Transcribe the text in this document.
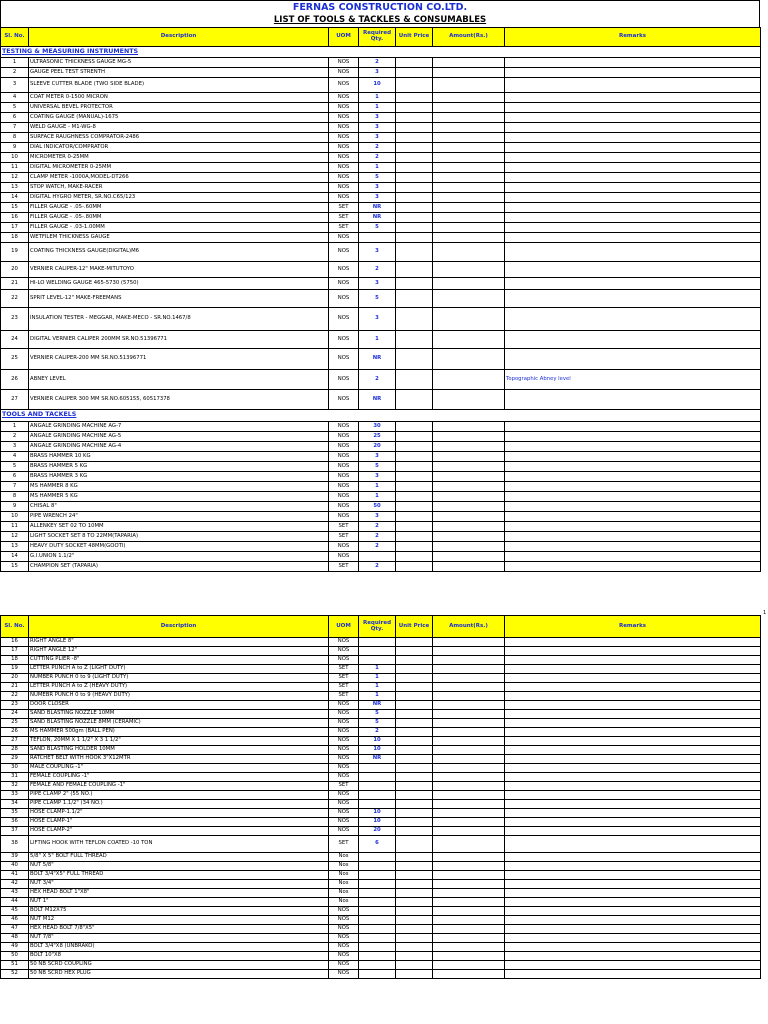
FERNAS CONSTRUCTION CO.LTD.
LIST OF TOOLS & TACKLES & CONSUMABLES
Sl. No.	Description	UOM	Required Qty.	Unit Price	Amount(Rs.)	Remarks
TESTING & MEASURING INSTRUMENTS						
1	ULTRASONIC THICKNESS GAUGE MG-5	NOS	2			
2	GAUGE PEEL TEST STRENTH	NOS	3			
3	SLEEVE CUTTER BLADE (TWO SIDE BLADE)	NOS	10			
4	COAT METER 0-1500 MICRON	NOS	1			
5	UNIVERSAL BEVEL PROTECTOR	NOS	1			
6	COATING GAUGE (MANUAL)-1675	NOS	3			
7	WELD GAUGE - M1-WG-8	NOS	3			
8	SURFACE RAUGHNESS COMPRATOR-2486	NOS	3			
9	DIAL INDICATOR/COMPRATOR	NOS	2			
10	MICROMETER 0-25MM	NOS	2			
11	DIGITAL MICROMETER 0-25MM	NOS	1			
12	CLAMP METER -1000A,MODEL-DT266	NOS	5			
13	STOP WATCH, MAKE-RACER	NOS	3			
14	DIGITAL HYGRO METER, SR.NO.C65/123	NOS	3			
15	FILLER GAUGE - .05-.60MM	SET	NR			
16	FILLER GAUGE - .05-.80MM	SET	NR			
17	FILLER GAUGE - .03-1.00MM	SET	5			
18	WETFILEM THICKNESS GAUGE	NOS				
19	COATING THICKNESS GAUGE(DIGITAL)M6	NOS	3			
20	VERNIER CALIPER-12" MAKE-MITUTOYO	NOS	2			
21	HI-LO WELDING GAUGE 465-5730 (5750)	NOS	3			
22	SPRIT LEVEL-12" MAKE-FREEMANS	NOS	5			
23	INSULATION TESTER - MEGGAR, MAKE-MECO - SR.NO.1467/8	NOS	3			
24	DIGITAL VERNIER CALIPER 200MM SR.NO.51396771	NOS	1			
25	VERNIER CALIPER-200 MM SR.NO.51396771	NOS	NR			
26	ABNEY LEVEL	NOS	2			Topographic Abney level
27	VERNIER CALIPER 300 MM SR.NO.605155, 60517378	NOS	NR			
TOOLS AND TACKELS						
1	ANGALE GRINDING MACHINE AG-7	NOS	30			
2	ANGALE GRINDING MACHINE AG-5	NOS	25			
3	ANGALE GRINDING MACHINE AG-4	NOS	20			
4	BRASS HAMMER 10 KG	NOS	3			
5	BRASS HAMMER 5 KG	NOS	5			
6	BRASS HAMMER 3 KG	NOS	3			
7	MS HAMMER 8 KG	NOS	1			
8	MS HAMMER 5 KG	NOS	1			
9	CHISAL 8"	NOS	50			
10	PIPE WRENCH 24"	NOS	3			
11	ALLENKEY SET 02 TO 10MM	SET	2			
12	LIGHT SOCKET SET 8 TO 22MM(TAPARIA)	SET	2			
13	HEAVY DUTY SOCKET 48MM(GOOTI)	NOS	2			
14	G.I.UNION 1.1/2"	NOS				
15	CHAMPION SET (TAPARIA)	SET	2			
1
Sl. No.	Description	UOM	Required Qty.	Unit Price	Amount(Rs.)	Remarks
16	RIGHT ANGLE 8"	NOS				
17	RIGHT ANGLE 12"	NOS				
18	CUTTING PLIER -8"	NOS				
19	LETTER PUNCH A to Z (LIGHT DUTY)	SET	1			
20	NUMBER PUNCH 0 to 9 (LIGHT DUTY)	SET	1			
21	LETTER PUNCH A to Z (HEAVY DUTY)	SET	1			
22	NUMEBR PUNCH 0 to 9 (HEAVY DUTY)	SET	1			
23	DOOR CLOSER	NOS	NR			
24	SAND BLASTING NOZZLE 10MM	NOS	5			
25	SAND BLASTING NOZZLE 8MM (CERAMIC)	NOS	5			
26	MS HAMMER 500gm (BALL PEN)	NOS	2			
27	TEFLON, 20MM X 1 1/2" X 3 1 1/2"	NOS	10			
28	SAND BLASTING HOLDER 10MM	NOS	10			
29	RATCHET BELT WITH HOOK 3"X12MTR	NOS	NR			
30	MALE COUPLING -1"	NOS				
31	FEMALE COUPLING -1"	NOS				
32	FEMALE AND FEMALE COUPLING -1"	SET				
33	PIPE CLAMP 2" (55 NO.)	NOS				
34	PIPE CLAMP 1.1/2" (34 NO.)	NOS				
35	HOSE CLAMP-1.1/2"	NOS	10			
36	HOSE CLAMP-1"	NOS	10			
37	HOSE CLAMP-2"	NOS	20			
38	LIFTING HOOK WITH TEFLON COATED -10 TON	SET	6			
39	5/8" X 5" BOLT FULL THREAD	Nos				
40	NUT 5/8"	Nos				
41	BOLT 3/4"X5" FULL THREAD	Nos				
42	NUT 3/4"	Nos				
43	HEX HEAD BOLT 1"X8"	Nos				
44	NUT 1"	Nos				
45	BOLT M12X75	NOS				
46	NUT M12	NOS				
47	HEX HEAD BOLT 7/8"X5"	NOS				
48	NUT 7/8"	NOS				
49	BOLT 3/4"X8 (UNBRAKO)	NOS				
50	BOLT 10"X8	NOS				
51	50 NB SCRD COUPLING	NOS				
52	50 NB SCRD HEX PLUG	NOS				
